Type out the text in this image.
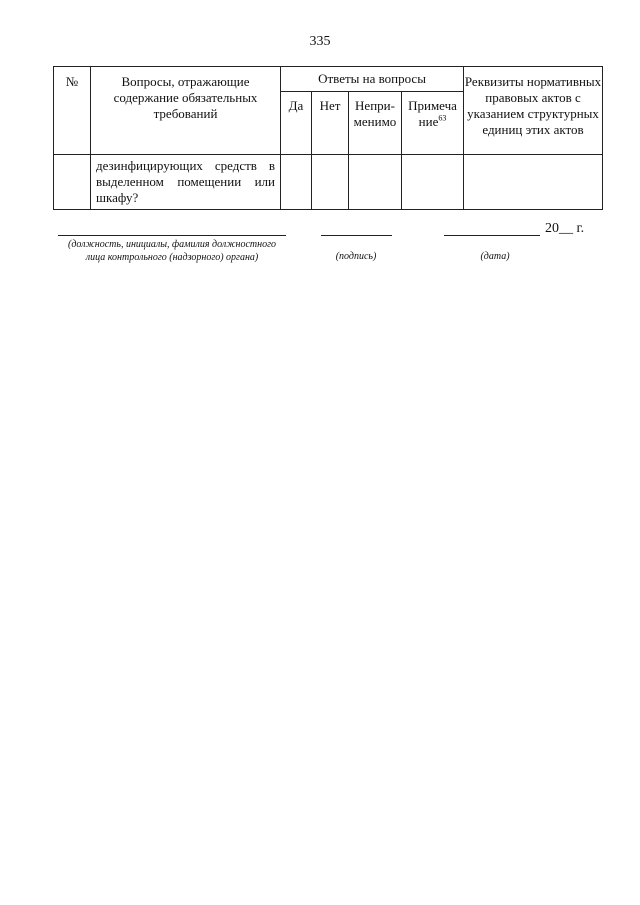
335
№	Вопросы, отражающие содержание обязательных требований	Ответы на вопросы				Реквизиты нормативных правовых актов с указанием структурных единиц этих актов
		Да	Нет	Непри-менимо	Примеча ние$^{63}$
	дезинфицирующих средств в выделенном помещении или шкафу?					
20__ г.
(должность, инициалы, фамилия должностного
лица контрольного (надзорного) органа)	(подпись)	(дата)
